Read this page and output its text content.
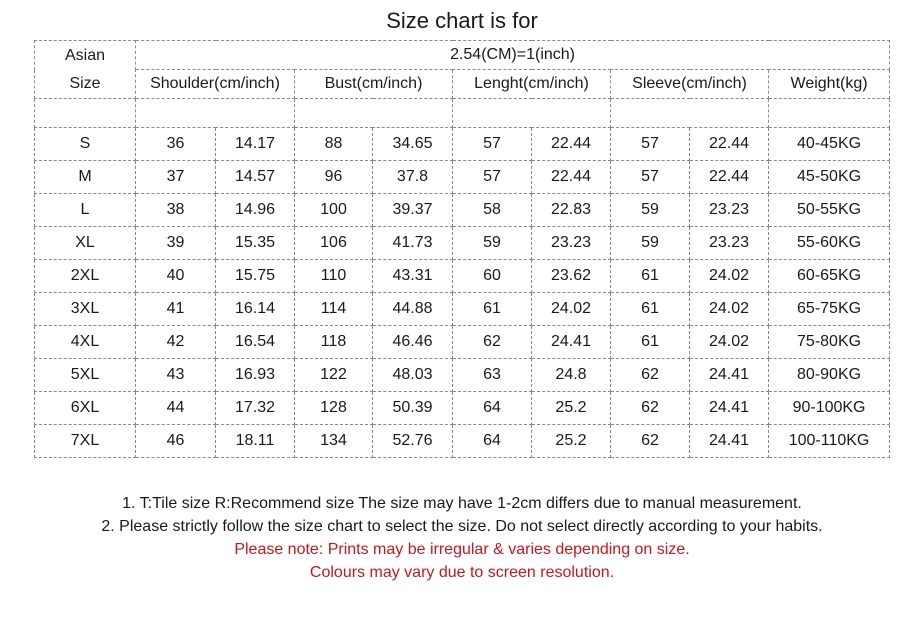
Size chart is for
Asian
Size	2.54(CM)=1(inch)								
	Shoulder(cm/inch)		Bust(cm/inch)		Lenght(cm/inch)		Sleeve(cm/inch)		Weight(kg)

S	36	14.17	88	34.65	57	22.44	57	22.44	40-45KG
M	37	14.57	96	37.8	57	22.44	57	22.44	45-50KG
L	38	14.96	100	39.37	58	22.83	59	23.23	50-55KG
XL	39	15.35	106	41.73	59	23.23	59	23.23	55-60KG
2XL	40	15.75	110	43.31	60	23.62	61	24.02	60-65KG
3XL	41	16.14	114	44.88	61	24.02	61	24.02	65-75KG
4XL	42	16.54	118	46.46	62	24.41	61	24.02	75-80KG
5XL	43	16.93	122	48.03	63	24.8	62	24.41	80-90KG
6XL	44	17.32	128	50.39	64	25.2	62	24.41	90-100KG
7XL	46	18.11	134	52.76	64	25.2	62	24.41	100-110KG
1. T:Tile size R:Recommend size The size may have 1-2cm differs due to manual measurement.
2. Please strictly follow the size chart to select the size. Do not select directly according to your habits.
Please note: Prints may be irregular & varies depending on size.
Colours may vary due to screen resolution.
